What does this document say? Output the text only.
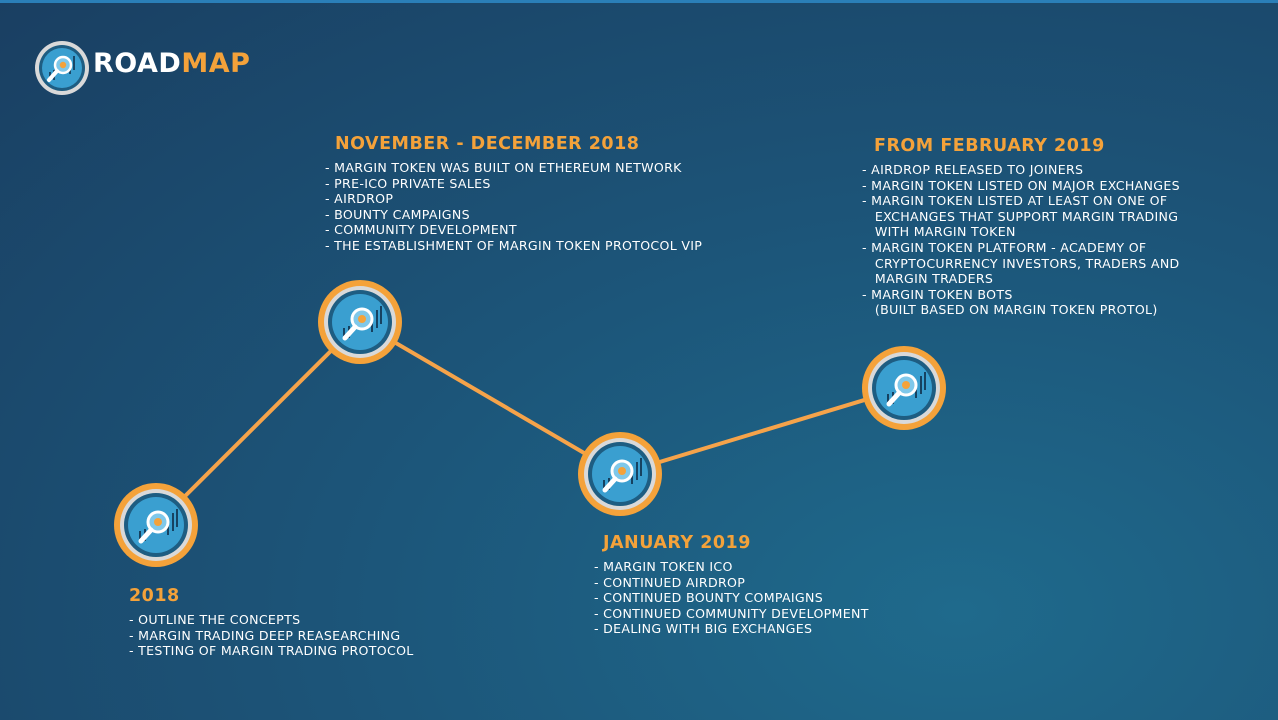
ROADMAP
2018
- OUTLINE THE CONCEPTS
- MARGIN TRADING DEEP REASEARCHING
- TESTING OF MARGIN TRADING PROTOCOL
NOVEMBER - DECEMBER 2018
- MARGIN TOKEN WAS BUILT ON ETHEREUM NETWORK
- PRE-ICO PRIVATE SALES
- AIRDROP
- BOUNTY CAMPAIGNS
- COMMUNITY DEVELOPMENT
- THE ESTABLISHMENT OF MARGIN TOKEN PROTOCOL VIP
JANUARY 2019
- MARGIN TOKEN ICO
- CONTINUED AIRDROP
- CONTINUED BOUNTY COMPAIGNS
- CONTINUED COMMUNITY DEVELOPMENT
- DEALING WITH BIG EXCHANGES
FROM FEBRUARY 2019
- AIRDROP RELEASED TO JOINERS
- MARGIN TOKEN LISTED ON MAJOR EXCHANGES
- MARGIN TOKEN LISTED AT LEAST ON ONE OF
EXCHANGES THAT SUPPORT MARGIN TRADING
WITH MARGIN TOKEN
- MARGIN TOKEN PLATFORM - ACADEMY OF
CRYPTOCURRENCY INVESTORS, TRADERS AND
MARGIN TRADERS
- MARGIN TOKEN BOTS
(BUILT BASED ON MARGIN TOKEN PROTOL)
